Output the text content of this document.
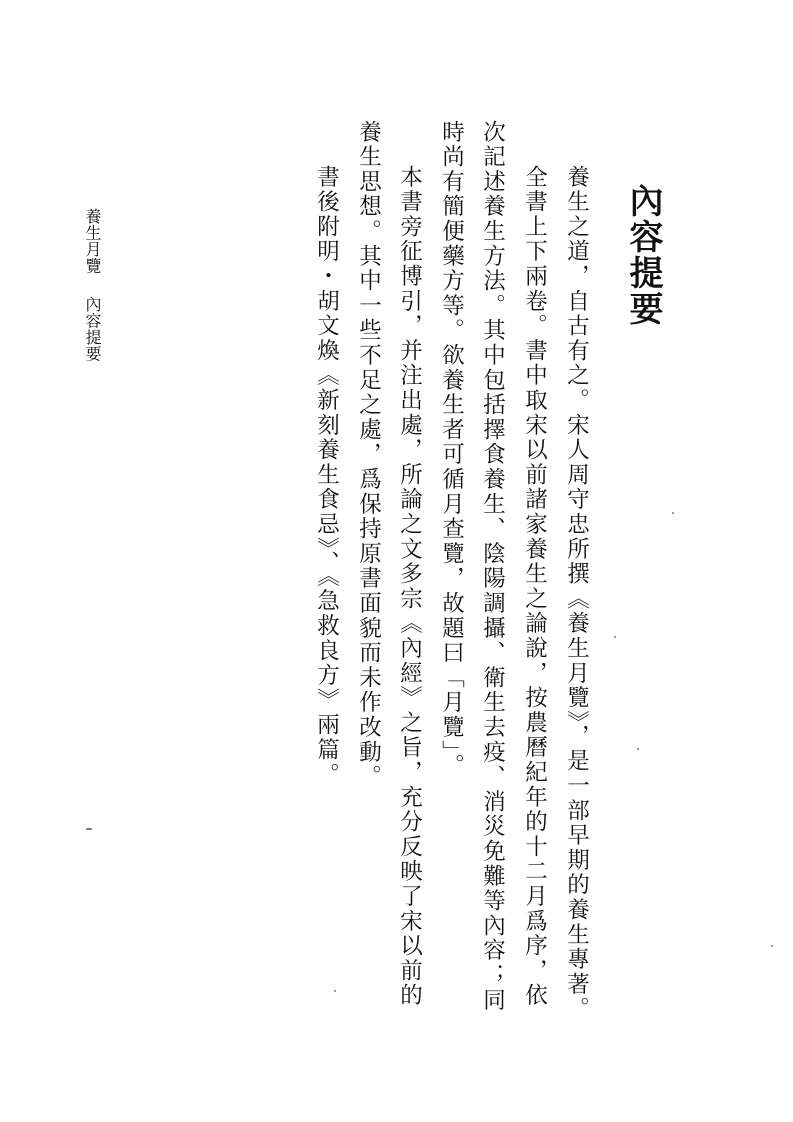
內容提要
養生之道，自古有之。宋人周守忠所撰《養生月覽》，是一部早期的養生專著。
全書上下兩卷。書中取宋以前諸家養生之論說，按農曆紀年的十二月爲序，依
次記述養生方法。其中包括擇食養生、陰陽調攝、衛生去疫、消災免難等內容；同
時尚有簡便藥方等。欲養生者可循月查覽，故題曰「月覽」。
本書旁征博引，并注出處，所論之文多宗《內經》之旨，充分反映了宋以前的
養生思想。其中一些不足之處，爲保持原書面貌而未作改動。
書後附明・胡文煥《新刻養生食忌》、《急救良方》兩篇。
養生月覽內容提要
